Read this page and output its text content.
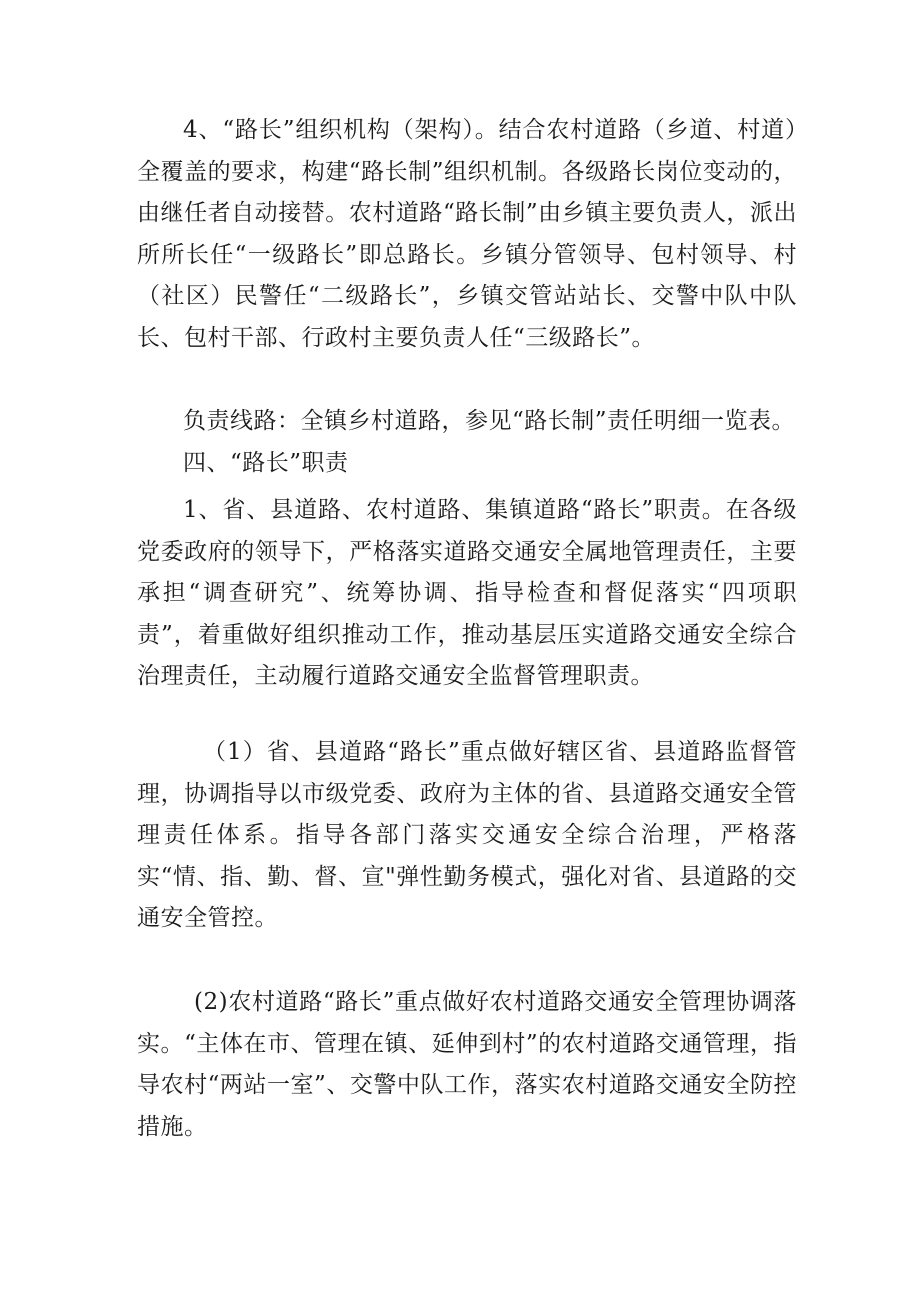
4、“路长”组织机构（架构）。结合农村道路（乡道、村道）全覆盖的要求，构建“路长制”组织机制。各级路长岗位变动的，由继任者自动接替。农村道路“路长制”由乡镇主要负责人，派出所所长任“一级路长”即总路长。乡镇分管领导、包村领导、村（社区）民警任“二级路长”，乡镇交管站站长、交警中队中队长、包村干部、行政村主要负责人任“三级路长”。

负责线路：全镇乡村道路，参见“路长制”责任明细一览表。

四、“路长”职责

1、省、县道路、农村道路、集镇道路“路长”职责。在各级党委政府的领导下，严格落实道路交通安全属地管理责任，主要承担“调查研究”、统筹协调、指导检查和督促落实“四项职责”，着重做好组织推动工作，推动基层压实道路交通安全综合治理责任，主动履行道路交通安全监督管理职责。

（1）省、县道路“路长”重点做好辖区省、县道路监督管理，协调指导以市级党委、政府为主体的省、县道路交通安全管理责任体系。指导各部门落实交通安全综合治理，严格落实“情、指、勤、督、宣"弹性勤务模式，强化对省、县道路的交通安全管控。

(2)农村道路“路长”重点做好农村道路交通安全管理协调落实。“主体在市、管理在镇、延伸到村”的农村道路交通管理，指导农村“两站一室”、交警中队工作，落实农村道路交通安全防控措施。
